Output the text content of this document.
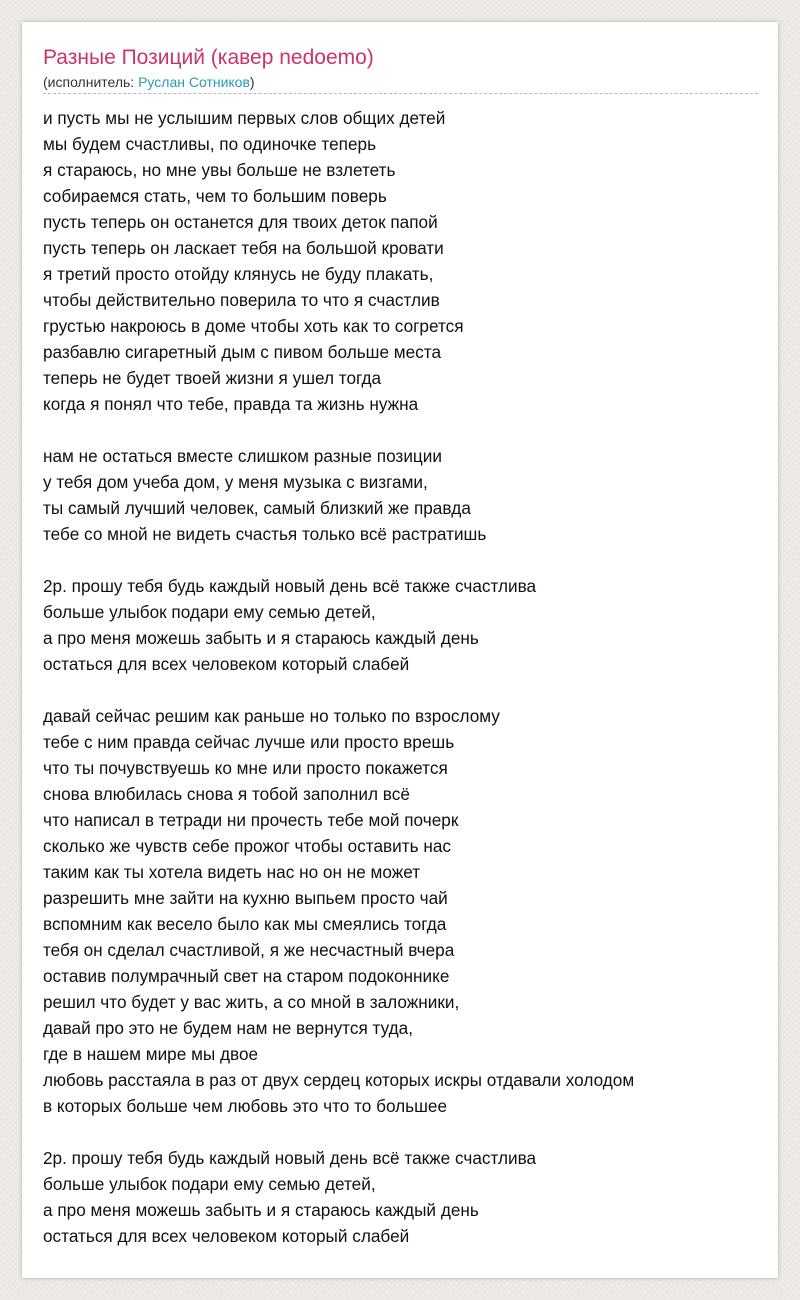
Разные Позиций (кавер nedoemo)
(исполнитель: Руслан Сотников)
и пусть мы не услышим первых слов общих детей
мы будем счастливы, по одиночке теперь
я стараюсь, но мне увы больше не взлететь
собираемся стать, чем то большим поверь
пусть теперь он останется для твоих деток папой
пусть теперь он ласкает тебя на большой кровати
я третий просто отойду клянусь не буду плакать,
чтобы действительно поверила то что я счастлив
грустью накроюсь в доме чтобы хоть как то согрется
разбавлю сигаретный дым с пивом больше места
теперь не будет твоей жизни я ушел тогда
когда я понял что тебе, правда та жизнь нужна
нам не остаться вместе слишком разные позиции
у тебя дом учеба дом, у меня музыка с визгами,
ты самый лучший человек, самый близкий же правда
тебе со мной не видеть счастья только всё растратишь
2р. прошу тебя будь каждый новый день всё также счастлива
больше улыбок подари ему семью детей,
а про меня можешь забыть и я стараюсь каждый день
остаться для всех человеком который слабей
давай сейчас решим как раньше но только по взрослому
тебе с ним правда сейчас лучше или просто врешь
что ты почувствуешь ко мне или просто покажется
снова влюбилась снова я тобой заполнил всё
что написал в тетради ни прочесть тебе мой почерк
сколько же чувств себе прожог чтобы оставить нас
таким как ты хотела видеть нас но он не может
разрешить мне зайти на кухню выпьем просто чай
вспомним как весело было как мы смеялись тогда
тебя он сделал счастливой, я же несчастный вчера
оставив полумрачный свет на старом подоконнике
решил что будет у вас жить, а со мной в заложники,
давай про это не будем нам не вернутся туда,
где в нашем мире мы двое
любовь расстаяла в раз от двух сердец которых искры отдавали холодом
в которых больше чем любовь это что то большее
2р. прошу тебя будь каждый новый день всё также счастлива
больше улыбок подари ему семью детей,
а про меня можешь забыть и я стараюсь каждый день
остаться для всех человеком который слабей
